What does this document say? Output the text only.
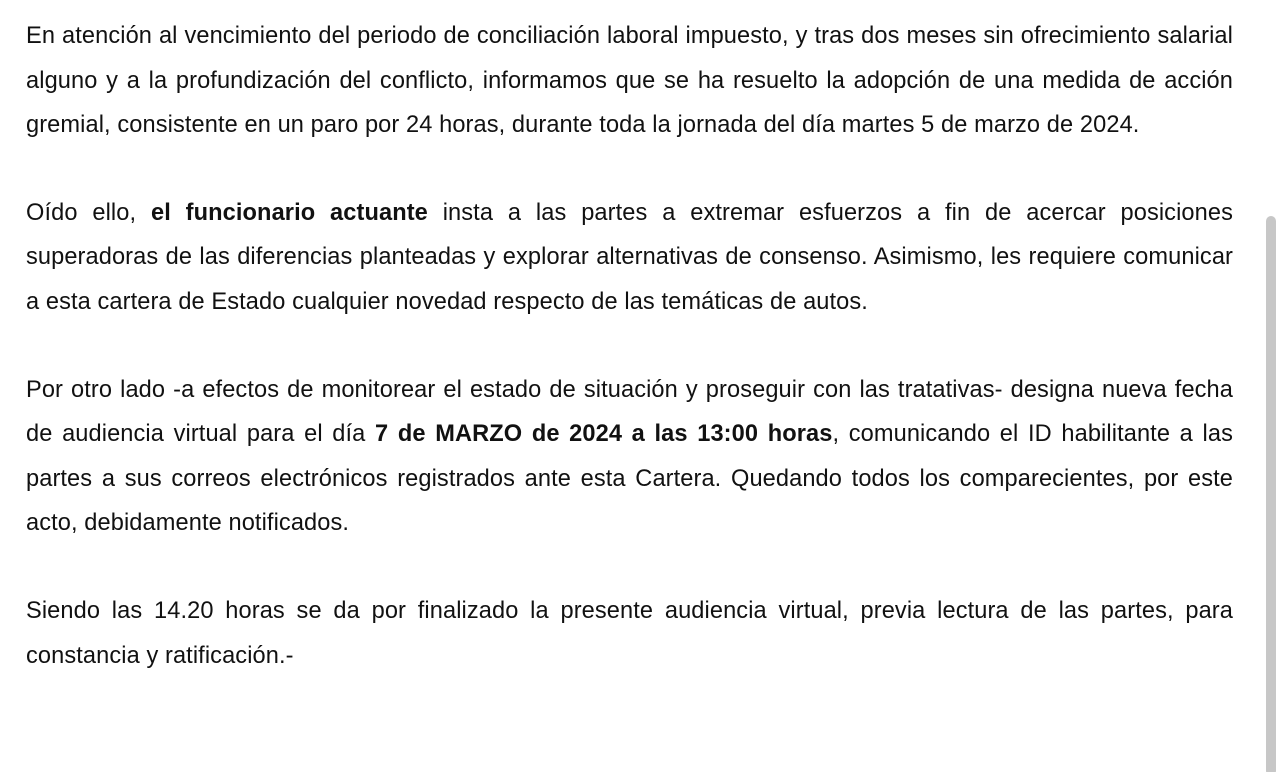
En atención al vencimiento del periodo de conciliación laboral impuesto, y tras dos meses sin ofrecimiento salarial alguno y a la profundización del conflicto, informamos que se ha resuelto la adopción de una medida de acción gremial, consistente en un paro por 24 horas, durante toda la jornada del día martes 5 de marzo de 2024.

Oído ello, el funcionario actuante insta a las partes a extremar esfuerzos a fin de acercar posiciones superadoras de las diferencias planteadas y explorar alternativas de consenso. Asimismo, les requiere comunicar a esta cartera de Estado cualquier novedad respecto de las temáticas de autos.

Por otro lado -a efectos de monitorear el estado de situación y proseguir con las tratativas- designa nueva fecha de audiencia virtual para el día 7 de MARZO de 2024 a las 13:00 horas, comunicando el ID habilitante a las partes a sus correos electrónicos registrados ante esta Cartera. Quedando todos los comparecientes, por este acto, debidamente notificados.

Siendo las 14.20 horas se da por finalizado la presente audiencia virtual, previa lectura de las partes, para constancia y ratificación.-
